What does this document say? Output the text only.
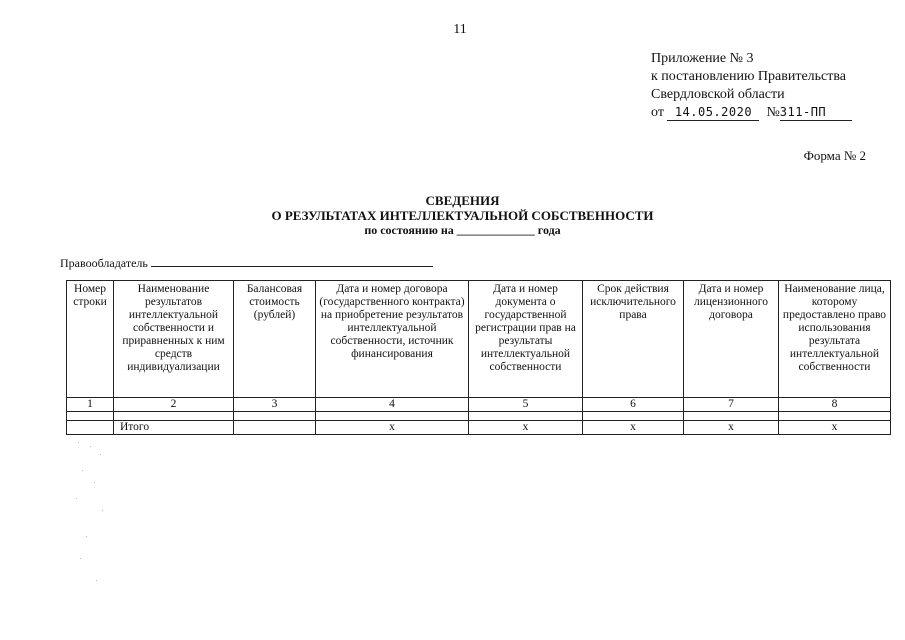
11
Приложение № 3
к постановлению Правительства
Свердловской области
от 14.05.2020 №311-ПП
Форма № 2
СВЕДЕНИЯ
О РЕЗУЛЬТАТАХ ИНТЕЛЛЕКТУАЛЬНОЙ СОБСТВЕННОСТИ
по состоянию на _____________ года
Правообладатель
Номер строки	Наименование результатов интеллектуальной собственности и приравненных к ним средств индивидуализации	Балансовая стоимость (рублей)	Дата и номер договора (государственного контракта) на приобретение результатов интеллектуальной собственности, источник финансирования	Дата и номер документа о государственной регистрации прав на результаты интеллектуальной собственности	Срок действия исключительного права	Дата и номер лицензионного договора	Наименование лица, которому предоставлено право использования результата интеллектуальной собственности
1	2	3	4	5	6	7	8

	Итого		х	х	х	х	х
